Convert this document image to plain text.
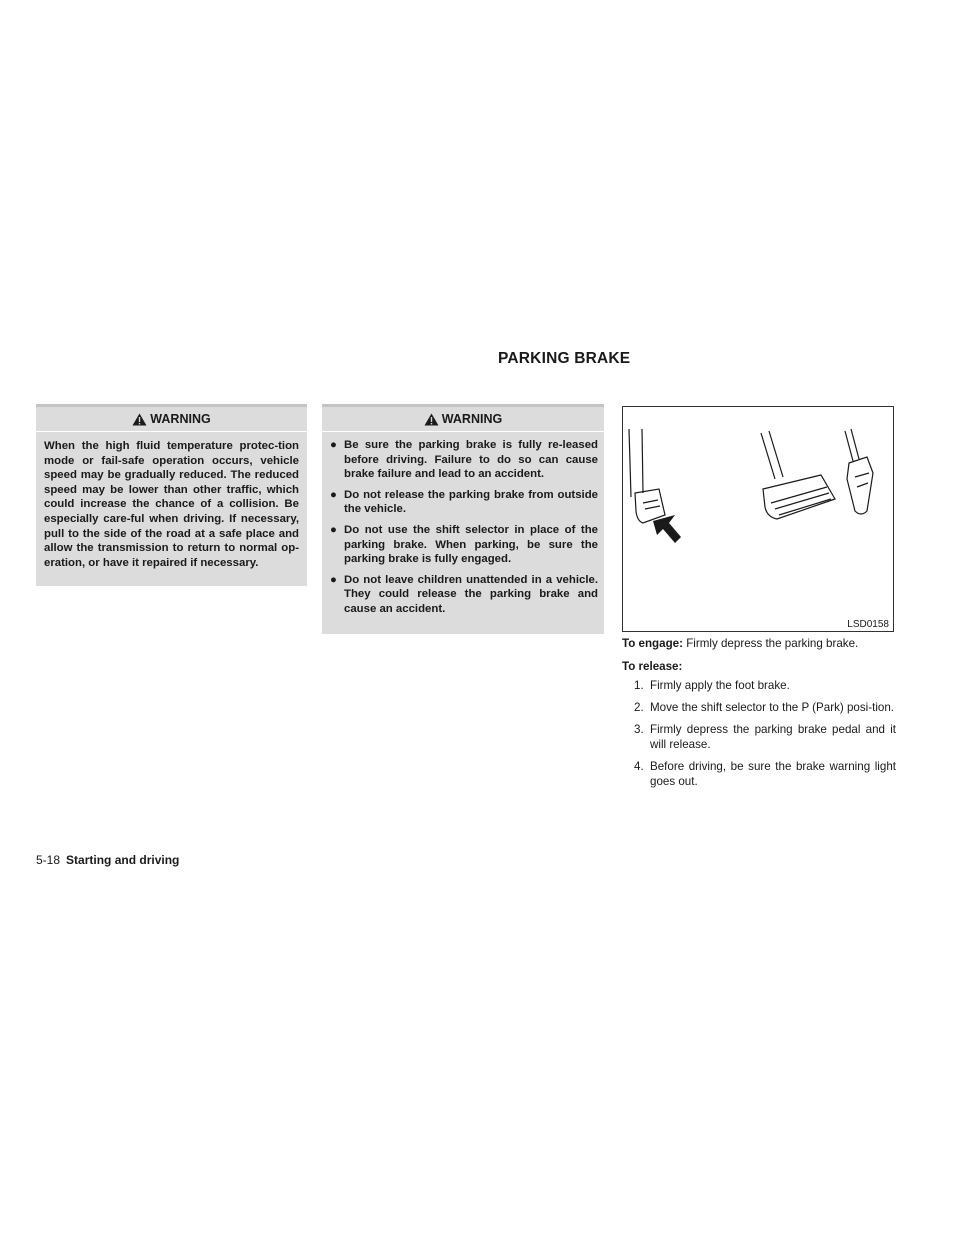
PARKING BRAKE
WARNING
When the high fluid temperature protec-tion mode or fail-safe operation occurs, vehicle speed may be gradually reduced. The reduced speed may be lower than other traffic, which could increase the chance of a collision. Be especially care-ful when driving. If necessary, pull to the side of the road at a safe place and allow the transmission to return to normal op-eration, or have it repaired if necessary.
WARNING
● Be sure the parking brake is fully re-leased before driving. Failure to do so can cause brake failure and lead to an accident.
● Do not release the parking brake from outside the vehicle.
● Do not use the shift selector in place of the parking brake. When parking, be sure the parking brake is fully engaged.
● Do not leave children unattended in a vehicle. They could release the parking brake and cause an accident.
LSD0158

To engage: Firmly depress the parking brake.

To release:

1. Firmly apply the foot brake.
2. Move the shift selector to the P (Park) posi-tion.
3. Firmly depress the parking brake pedal and it will release.
4. Before driving, be sure the brake warning light goes out.
5-18 Starting and driving
